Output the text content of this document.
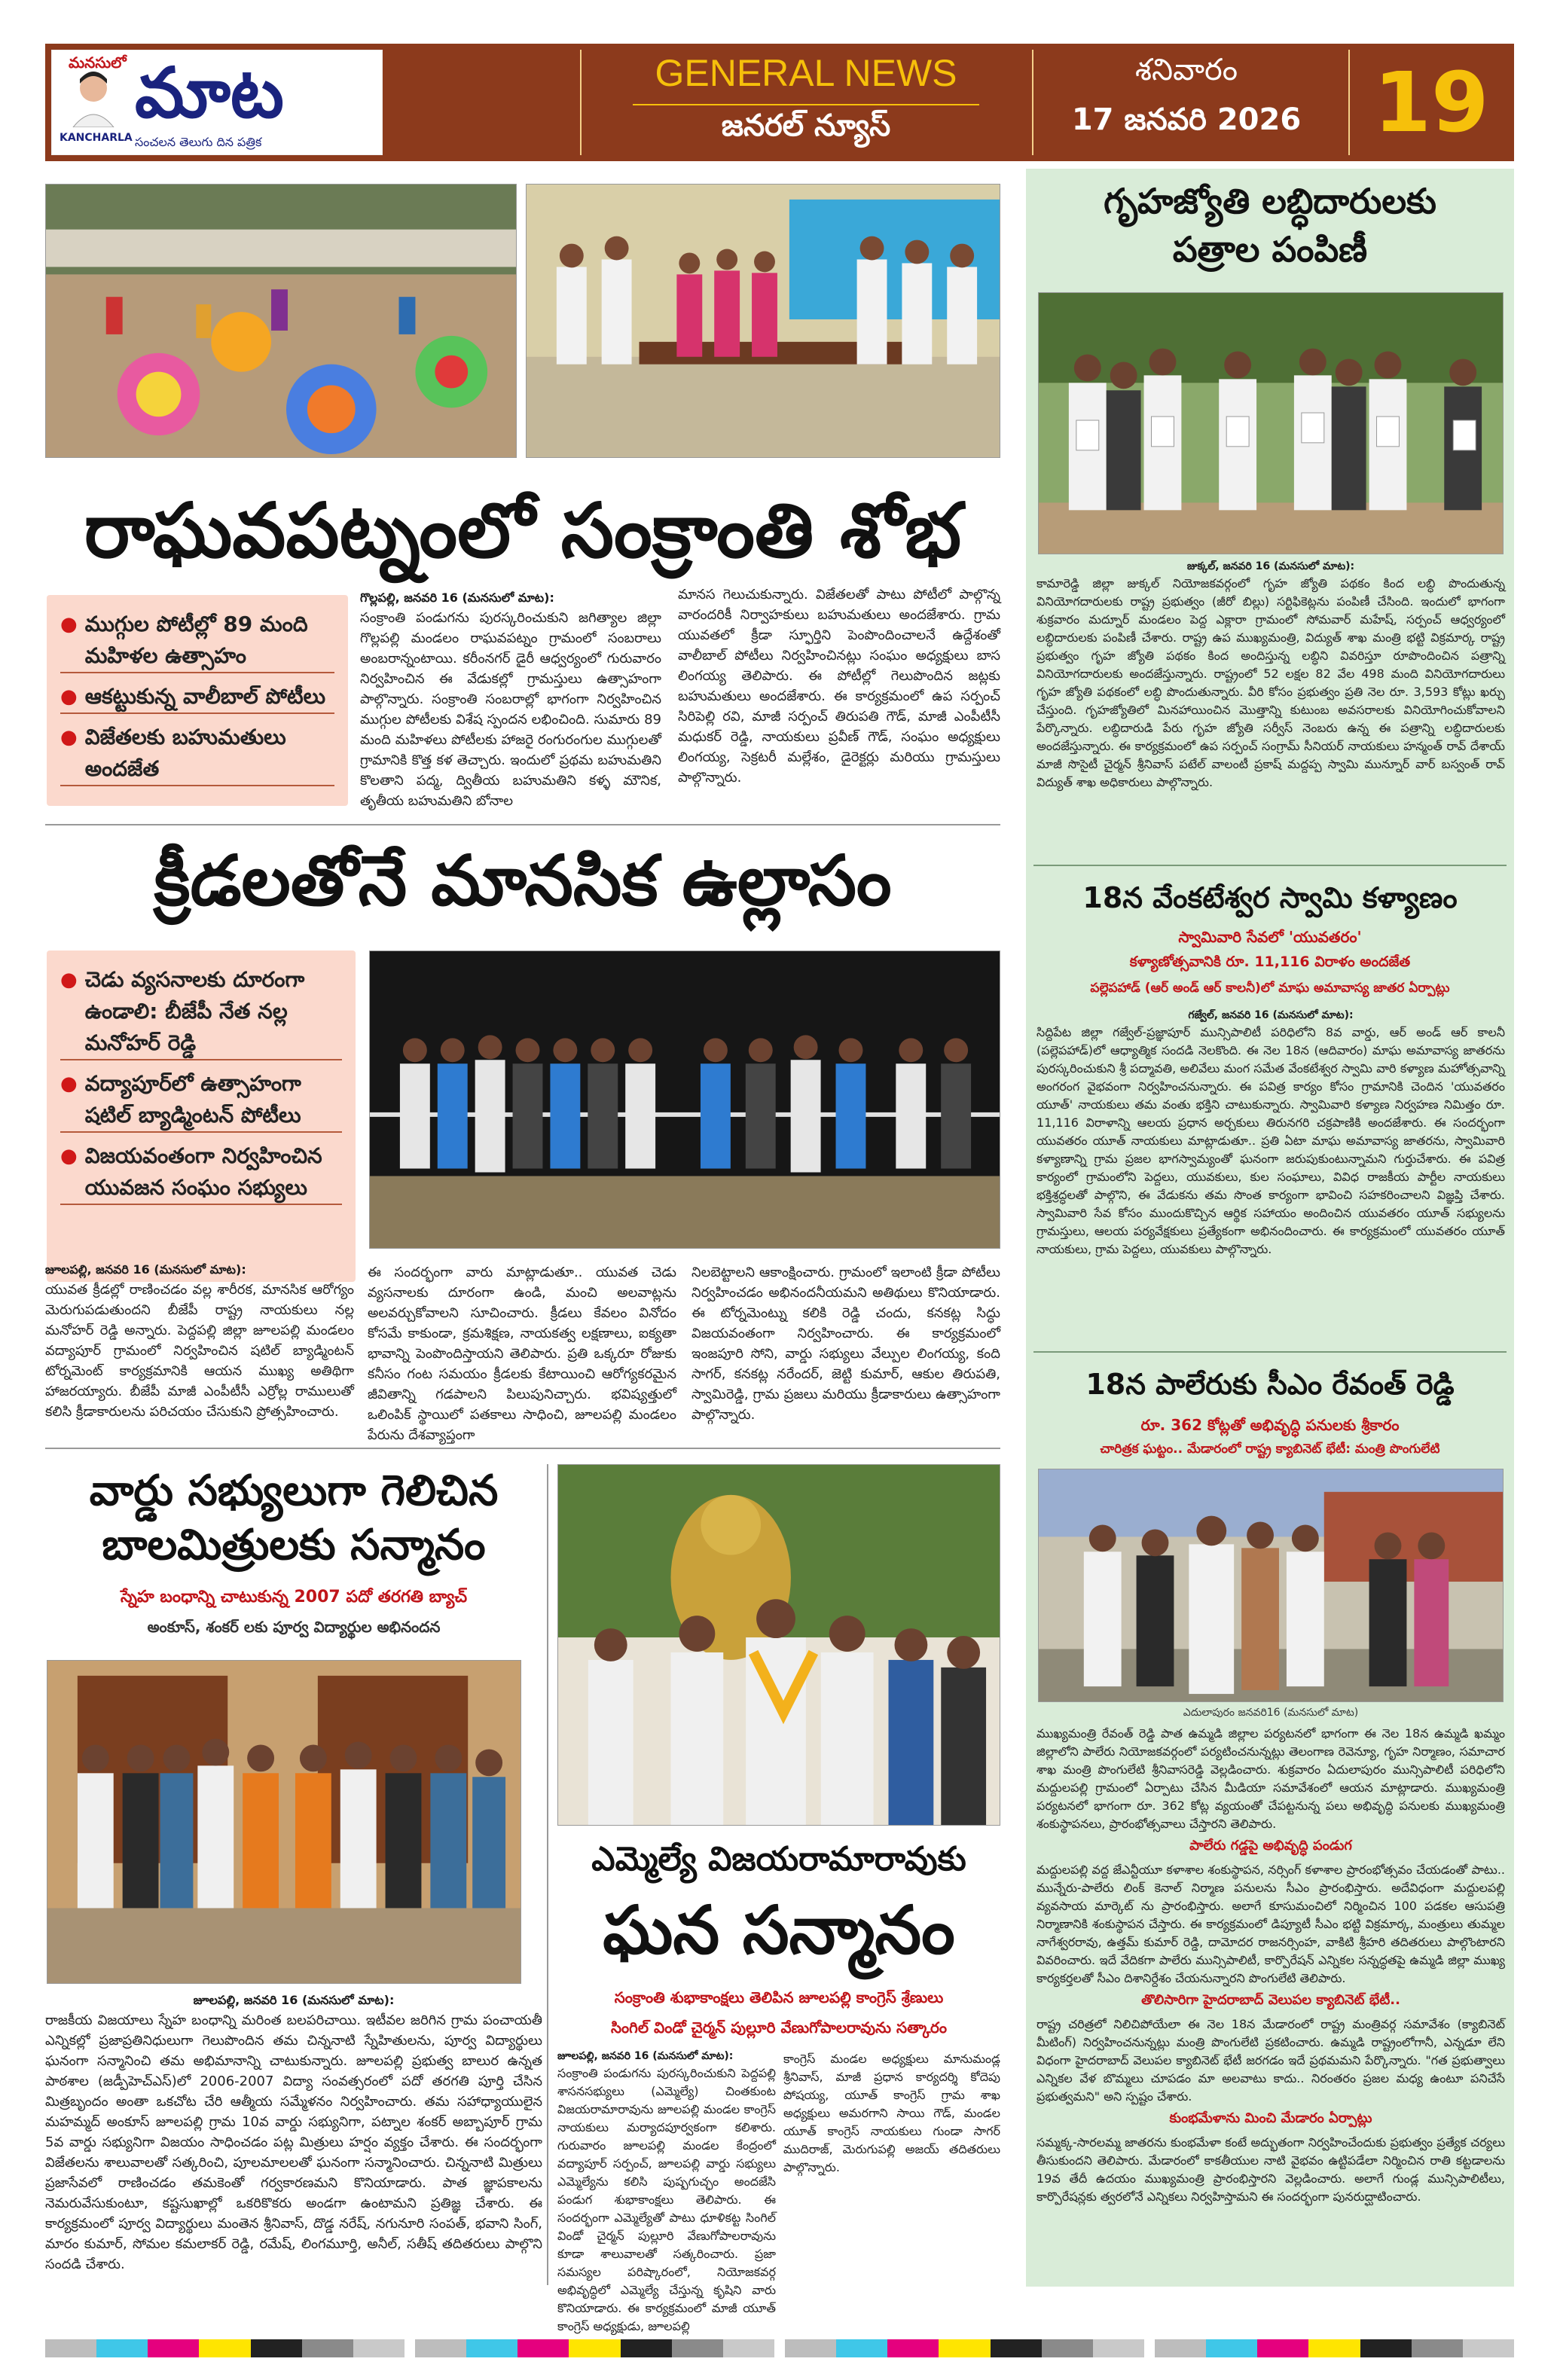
మనసులో
KANCHARLA
మాట
సంచలన తెలుగు దిన పత్రిక
GENERAL NEWS
జనరల్ న్యూస్
శనివారం
17 జనవరి 2026 19
రాఘవపట్నంలో సంక్రాంతి శోభ
● ముగ్గుల పోటీల్లో 89 మంది మహిళల ఉత్సాహం
● ఆకట్టుకున్న వాలీబాల్ పోటీలు
● విజేతలకు బహుమతులు అందజేత
గొల్లపల్లి, జనవరి 16 (మనసులో మాట):

సంక్రాంతి పండుగను పురస్కరించుకుని జగిత్యాల జిల్లా గొల్లపల్లి మండలం రాఘవపట్నం గ్రామంలో సంబరాలు అంబరాన్నంటాయి. కరీంనగర్ డైరీ ఆధ్వర్యంలో గురువారం నిర్వహించిన ఈ వేడుకల్లో గ్రామస్తులు ఉత్సాహంగా పాల్గొన్నారు. సంక్రాంతి సంబరాల్లో భాగంగా నిర్వహించిన ముగ్గుల పోటీలకు విశేష స్పందన లభించింది. సుమారు 89 మంది మహిళలు పోటీలకు హాజరై రంగురంగుల ముగ్గులతో గ్రామానికి కొత్త కళ తెచ్చారు. ఇందులో ప్రథమ బహుమతిని కొలతాని పద్మ, ద్వితీయ బహుమతిని కళ్ళ మౌనిక, తృతీయ బహుమతిని బోనాల

మానస గెలుచుకున్నారు. విజేతలతో పాటు పోటీలో పాల్గొన్న వారందరికీ నిర్వాహకులు బహుమతులు అందజేశారు. గ్రామ యువతలో క్రీడా స్ఫూర్తిని పెంపొందించాలనే ఉద్దేశంతో వాలీబాల్ పోటీలు నిర్వహించినట్లు సంఘం అధ్యక్షులు బాస లింగయ్య తెలిపారు. ఈ పోటీల్లో గెలుపొందిన జట్లకు బహుమతులు అందజేశారు. ఈ కార్యక్రమంలో ఉప సర్పంచ్ సిరిపెల్లి రవి, మాజీ సర్పంచ్ తిరుపతి గౌడ్, మాజీ ఎంపీటీసీ మధుకర్ రెడ్డి, నాయకులు ప్రవీణ్ గౌడ్, సంఘం అధ్యక్షులు లింగయ్య, సెక్రటరీ మల్లేశం, డైరెక్టర్లు మరియు గ్రామస్తులు పాల్గొన్నారు.

క్రీడలతోనే మానసిక ఉల్లాసం
● చెడు వ్యసనాలకు దూరంగా ఉండాలి: బీజేపీ నేత నల్ల మనోహర్ రెడ్డి
● వద్యాపూర్‌లో ఉత్సాహంగా షటిల్ బ్యాడ్మింటన్ పోటీలు
● విజయవంతంగా నిర్వహించిన యువజన సంఘం సభ్యులు
జూలపల్లి, జనవరి 16 (మనసులో మాట):

యువత క్రీడల్లో రాణించడం వల్ల శారీరక, మానసిక ఆరోగ్యం మెరుగుపడుతుందని బీజేపీ రాష్ట్ర నాయకులు నల్ల మనోహర్ రెడ్డి అన్నారు. పెద్దపల్లి జిల్లా జూలపల్లి మండలం వద్యాపూర్ గ్రామంలో నిర్వహించిన షటిల్ బ్యాడ్మింటన్ టోర్నమెంట్ కార్యక్రమానికి ఆయన ముఖ్య అతిథిగా హాజరయ్యారు. బీజేపీ మాజీ ఎంపీటీసీ ఎర్రోల్ల రాములుతో కలిసి క్రీడాకారులను పరిచయం చేసుకుని ప్రోత్సహించారు.

ఈ సందర్భంగా వారు మాట్లాడుతూ.. యువత చెడు వ్యసనాలకు దూరంగా ఉండి, మంచి అలవాట్లను అలవర్చుకోవాలని సూచించారు. క్రీడలు కేవలం వినోదం కోసమే కాకుండా, క్రమశిక్షణ, నాయకత్వ లక్షణాలు, ఐక్యతా భావాన్ని పెంపొందిస్తాయని తెలిపారు. ప్రతి ఒక్కరూ రోజుకు కనీసం గంట సమయం క్రీడలకు కేటాయించి ఆరోగ్యకరమైన జీవితాన్ని గడపాలని పిలుపునిచ్చారు. భవిష్యత్తులో ఒలింపిక్ స్థాయిలో పతకాలు సాధించి, జూలపల్లి మండలం పేరును దేశవ్యాప్తంగా

నిలబెట్టాలని ఆకాంక్షించారు. గ్రామంలో ఇలాంటి క్రీడా పోటీలు నిర్వహించడం అభినందనీయమని అతిథులు కొనియాడారు. ఈ టోర్నమెంట్ను కలికి రెడ్డి చందు, కనకట్ల సిద్ధు విజయవంతంగా నిర్వహించారు. ఈ కార్యక్రమంలో ఇంజపూరి సోని, వార్డు సభ్యులు వేల్పుల లింగయ్య, కంది సాగర్, కనకట్ల నరేందర్, జెట్టి కుమార్, ఆకుల తిరుపతి, స్వామిరెడ్డి, గ్రామ ప్రజలు మరియు క్రీడాకారులు ఉత్సాహంగా పాల్గొన్నారు.

వార్డు సభ్యులుగా గెలిచిన
బాలమిత్రులకు సన్మానం
స్నేహ బంధాన్ని చాటుకున్న 2007 పదో తరగతి బ్యాచ్
అంకూస్, శంకర్ లకు పూర్వ విద్యార్థుల అభినందన
జూలపల్లి, జనవరి 16 (మనసులో మాట):

రాజకీయ విజయాలు స్నేహ బంధాన్ని మరింత బలపరిచాయి. ఇటీవల జరిగిన గ్రామ పంచాయతీ ఎన్నికల్లో ప్రజాప్రతినిధులుగా గెలుపొందిన తమ చిన్ననాటి స్నేహితులను, పూర్వ విద్యార్థులు ఘనంగా సన్మానించి తమ అభిమానాన్ని చాటుకున్నారు. జూలపల్లి ప్రభుత్వ బాలుర ఉన్నత పాఠశాల (జడ్పీహెచ్ఎస్)లో 2006-2007 విద్యా సంవత్సరంలో పదో తరగతి పూర్తి చేసిన మిత్రబృందం అంతా ఒకచోట చేరి ఆత్మీయ సమ్మేళనం నిర్వహించారు. తమ సహాధ్యాయులైన మహమ్మద్ అంకూస్ జూలపల్లి గ్రామ 10వ వార్డు సభ్యునిగా, పట్నాల శంకర్ అబ్బాపూర్ గ్రామ 5వ వార్డు సభ్యునిగా విజయం సాధించడం పట్ల మిత్రులు హర్షం వ్యక్తం చేశారు. ఈ సందర్భంగా విజేతలను శాలువాలతో సత్కరించి, పూలమాలలతో ఘనంగా సన్మానించారు. చిన్ననాటి మిత్రులు ప్రజాసేవలో రాణించడం తమకెంతో గర్వకారణమని కొనియాడారు. పాత జ్ఞాపకాలను నెమరువేసుకుంటూ, కష్టసుఖాల్లో ఒకరికొకరు అండగా ఉంటామని ప్రతిజ్ఞ చేశారు. ఈ కార్యక్రమంలో పూర్వ విద్యార్థులు మంతెన శ్రీనివాస్, దొడ్డ నరేష్, నగునూరి సంపత్, భవాని సింగ్, మారం కుమార్, సోమల కమలాకర్ రెడ్డి, రమేష్, లింగమూర్తి, అనీల్, సతీష్ తదితరులు పాల్గొని సందడి చేశారు.

ఎమ్మెల్యే విజయరామారావుకు
ఘన సన్మానం
సంక్రాంతి శుభాకాంక్షలు తెలిపిన జూలపల్లి కాంగ్రెస్ శ్రేణులు
సింగిల్ విండో చైర్మన్ పుల్లూరి వేణుగోపాలరావును సత్కారం
జూలపల్లి, జనవరి 16 (మనసులో మాట):

సంక్రాంతి పండుగను పురస్కరించుకుని పెద్దపల్లి శాసనసభ్యులు (ఎమ్మెల్యే) చింతకుంట విజయరామారావును జూలపల్లి మండల కాంగ్రెస్ నాయకులు మర్యాదపూర్వకంగా కలిశారు. గురువారం జూలపల్లి మండల కేంద్రంలో వద్యాపూర్ సర్పంచ్, జూలపల్లి వార్డు సభ్యులు ఎమ్మెల్యేను కలిసి పుష్పగుచ్ఛం అందజేసి పండుగ శుభాకాంక్షలు తెలిపారు. ఈ సందర్భంగా ఎమ్మెల్యేతో పాటు ధూళికట్ట సింగిల్ విండో చైర్మన్ పుల్లూరి వేణుగోపాలరావును కూడా శాలువాలతో సత్కరించారు. ప్రజా సమస్యల పరిష్కారంలో, నియోజకవర్గ అభివృద్ధిలో ఎమ్మెల్యే చేస్తున్న కృషిని వారు కొనియాడారు. ఈ కార్యక్రమంలో మాజీ యూత్ కాంగ్రెస్ అధ్యక్షుడు, జూలపల్లి

కాంగ్రెస్ మండల అధ్యక్షులు మానుమండ్ల శ్రీనివాస్, మాజీ ప్రధాన కార్యదర్శి కోదెపు పోషయ్య, యూత్ కాంగ్రెస్ గ్రామ శాఖ అధ్యక్షులు అమరగాని సాయి గౌడ్, మండల యూత్ కాంగ్రెస్ నాయకులు గుండా సాగర్ ముదిరాజ్, మెరుగుపల్లి అజయ్ తదితరులు పాల్గొన్నారు.

గృహజ్యోతి లబ్ధిదారులకు
పత్రాల పంపిణీ
జుక్కల్, జనవరి 16 (మనసులో మాట):

కామారెడ్డి జిల్లా జుక్కల్ నియోజకవర్గంలో గృహ జ్యోతి పథకం కింద లబ్ధి పొందుతున్న వినియోగదారులకు రాష్ట్ర ప్రభుత్వం (జీరో బిల్లు) సర్టిఫికెట్లను పంపిణీ చేసింది. ఇందులో భాగంగా శుక్రవారం మద్నూర్ మండలం పెద్ద ఎక్లారా గ్రామంలో సోమవార్ మహేష్, సర్పంచ్ ఆధ్వర్యంలో లబ్ధిదారులకు పంపిణీ చేశారు. రాష్ట్ర ఉప ముఖ్యమంత్రి, విద్యుత్ శాఖ మంత్రి భట్టి విక్రమార్క రాష్ట్ర ప్రభుత్వం గృహ జ్యోతి పథకం కింద అందిస్తున్న లబ్ధిని వివరిస్తూ రూపొందించిన పత్రాన్ని వినియోగదారులకు అందజేస్తున్నారు. రాష్ట్రంలో 52 లక్షల 82 వేల 498 మంది వినియోగదారులు గృహ జ్యోతి పథకంలో లబ్ధి పొందుతున్నారు. వీరి కోసం ప్రభుత్వం ప్రతి నెల రూ. 3,593 కోట్లు ఖర్చు చేస్తుంది. గృహజ్యోతిలో మినహాయించిన మొత్తాన్ని కుటుంబ అవసరాలకు వినియోగించుకోవాలని పేర్కొన్నారు. లబ్ధిదారుడి పేరు గృహ జ్యోతి సర్వీస్ నెంబరు ఉన్న ఈ పత్రాన్ని లబ్ధిదారులకు అందజేస్తున్నారు. ఈ కార్యక్రమంలో ఉప సర్పంచ్ సంగ్రామ్ సీనియర్ నాయకులు హన్మంత్ రావ్ దేశాయ్ మాజీ సొసైటీ చైర్మన్ శ్రీనివాస్ పటేల్ వాలంటీ ప్రకాష్ మద్దప్ప స్వామి మున్నూర్ వార్ బస్వంత్ రావ్ విద్యుత్ శాఖ అధికారులు పాల్గొన్నారు.

18న వేంకటేశ్వర స్వామి కళ్యాణం
స్వామివారి సేవలో 'యువతరం'
కళ్యాణోత్సవానికి రూ. 11,116 విరాళం అందజేత
పల్లెపహాడ్ (ఆర్ అండ్ ఆర్ కాలనీ)లో మాఘ అమావాస్య జాతర ఏర్పాట్లు
గజ్వేల్, జనవరి 16 (మనసులో మాట):

సిద్దిపేట జిల్లా గజ్వేల్-ప్రజ్ఞాపూర్ మున్సిపాలిటీ పరిధిలోని 8వ వార్డు, ఆర్ అండ్ ఆర్ కాలనీ (పల్లెపహాడ్)లో ఆధ్యాత్మిక సందడి నెలకొంది. ఈ నెల 18న (ఆదివారం) మాఘ అమావాస్య జాతరను పురస్కరించుకుని శ్రీ పద్మావతి, అలివేలు మంగ సమేత వేంకటేశ్వర స్వామి వారి కళ్యాణ మహోత్సవాన్ని అంగరంగ వైభవంగా నిర్వహించనున్నారు. ఈ పవిత్ర కార్యం కోసం గ్రామానికి చెందిన 'యువతరం యూత్' నాయకులు తమ వంతు భక్తిని చాటుకున్నారు. స్వామివారి కళ్యాణ నిర్వహణ నిమిత్తం రూ. 11,116 విరాళాన్ని ఆలయ ప్రధాన అర్చకులు తిరునగరి చక్రపాణికి అందజేశారు. ఈ సందర్భంగా యువతరం యూత్ నాయకులు మాట్లాడుతూ.. ప్రతి ఏటా మాఘ అమావాస్య జాతరను, స్వామివారి కళ్యాణాన్ని గ్రామ ప్రజల భాగస్వామ్యంతో ఘనంగా జరుపుకుంటున్నామని గుర్తుచేశారు. ఈ పవిత్ర కార్యంలో గ్రామంలోని పెద్దలు, యువకులు, కుల సంఘాలు, వివిధ రాజకీయ పార్టీల నాయకులు భక్తిశ్రద్ధలతో పాల్గొని, ఈ వేడుకను తమ సొంత కార్యంగా భావించి సహకరించాలని విజ్ఞప్తి చేశారు. స్వామివారి సేవ కోసం ముందుకొచ్చిన ఆర్థిక సహాయం అందించిన యువతరం యూత్ సభ్యులను గ్రామస్తులు, ఆలయ పర్యవేక్షకులు ప్రత్యేకంగా అభినందించారు. ఈ కార్యక్రమంలో యువతరం యూత్ నాయకులు, గ్రామ పెద్దలు, యువకులు పాల్గొన్నారు.

18న పాలేరుకు సీఎం రేవంత్ రెడ్డి
రూ. 362 కోట్లతో అభివృద్ధి పనులకు శ్రీకారం
చారిత్రక ఘట్టం.. మేడారంలో రాష్ట్ర క్యాబినెట్ భేటీ: మంత్రి పొంగులేటి
ఎదులాపురం జనవరి16 (మనసులో మాట)

ముఖ్యమంత్రి రేవంత్ రెడ్డి పాత ఉమ్మడి జిల్లాల పర్యటనలో భాగంగా ఈ నెల 18న ఉమ్మడి ఖమ్మం జిల్లాలోని పాలేరు నియోజకవర్గంలో పర్యటించనున్నట్లు తెలంగాణ రెవెన్యూ, గృహ నిర్మాణం, సమాచార శాఖ మంత్రి పొంగులేటి శ్రీనివాసరెడ్డి వెల్లడించారు. శుక్రవారం ఏదులాపురం మున్సిపాలిటీ పరిధిలోని మద్దులపల్లి గ్రామంలో ఏర్పాటు చేసిన మీడియా సమావేశంలో ఆయన మాట్లాడారు. ముఖ్యమంత్రి పర్యటనలో భాగంగా రూ. 362 కోట్ల వ్యయంతో చేపట్టనున్న పలు అభివృద్ధి పనులకు ముఖ్యమంత్రి శంకుస్థాపనలు, ప్రారంభోత్సవాలు చేస్తారని తెలిపారు.

పాలేరు గడ్డపై అభివృద్ధి పండుగ

మద్దులపల్లి వద్ద జేఎన్టీయూ కళాశాల శంకుస్థాపన, నర్సింగ్ కళాశాల ప్రారంభోత్సవం చేయడంతో పాటు.. మున్నేరు-పాలేరు లింక్ కెనాల్ నిర్మాణ పనులను సీఎం ప్రారంభిస్తారు. అదేవిధంగా మద్దులపల్లి వ్యవసాయ మార్కెట్ ను ప్రారంభిస్తారు. అలాగే కూసుమంచిలో నిర్మించిన 100 పడకల ఆసుపత్రి నిర్మాణానికి శంకుస్థాపన చేస్తారు. ఈ కార్యక్రమంలో డిప్యూటీ సీఎం భట్టి విక్రమార్క, మంత్రులు తుమ్మల నాగేశ్వరరావు, ఉత్తమ్ కుమార్ రెడ్డి, దామోదర రాజనర్సింహ, వాకిటి శ్రీహరి తదితరులు పాల్గొంటారని వివరించారు. ఇదే వేదికగా పాలేరు మున్సిపాలిటీ, కార్పొరేషన్ ఎన్నికల సన్నద్ధతపై ఉమ్మడి జిల్లా ముఖ్య కార్యకర్తలతో సీఎం దిశానిర్దేశం చేయనున్నారని పొంగులేటి తెలిపారు.

తొలిసారిగా హైదరాబాద్ వెలుపల క్యాబినెట్ భేటీ..

రాష్ట్ర చరిత్రలో నిలిచిపోయేలా ఈ నెల 18న మేడారంలో రాష్ట్ర మంత్రివర్గ సమావేశం (క్యాబినెట్ మీటింగ్) నిర్వహించనున్నట్లు మంత్రి పొంగులేటి ప్రకటించారు. ఉమ్మడి రాష్ట్రంలోగానీ, ఎన్నడూ లేని విధంగా హైదరాబాద్ వెలుపల క్యాబినెట్ భేటీ జరగడం ఇదే ప్రథమమని పేర్కొన్నారు. "గత ప్రభుత్వాలు ఎన్నికల వేళ బొమ్మలు చూపడం మా అలవాటు కాదు.. నిరంతరం ప్రజల మధ్య ఉంటూ పనిచేసే ప్రభుత్వమని" అని స్పష్టం చేశారు.

కుంభమేళాను మించి మేడారం ఏర్పాట్లు

సమ్మక్క-సారలమ్మ జాతరను కుంభమేళా కంటే అద్భుతంగా నిర్వహించేందుకు ప్రభుత్వం ప్రత్యేక చర్యలు తీసుకుందని తెలిపారు. మేడారంలో కాకతీయుల నాటి వైభవం ఉట్టిపడేలా నిర్మించిన రాతి కట్టడాలను 19వ తేదీ ఉదయం ముఖ్యమంత్రి ప్రారంభిస్తారని వెల్లడించారు. అలాగే గుండ్ల మున్సిపాలిటీలు, కార్పొరేషన్లకు త్వరలోనే ఎన్నికలు నిర్వహిస్తామని ఈ సందర్భంగా పునరుద్ఘాటించారు.
